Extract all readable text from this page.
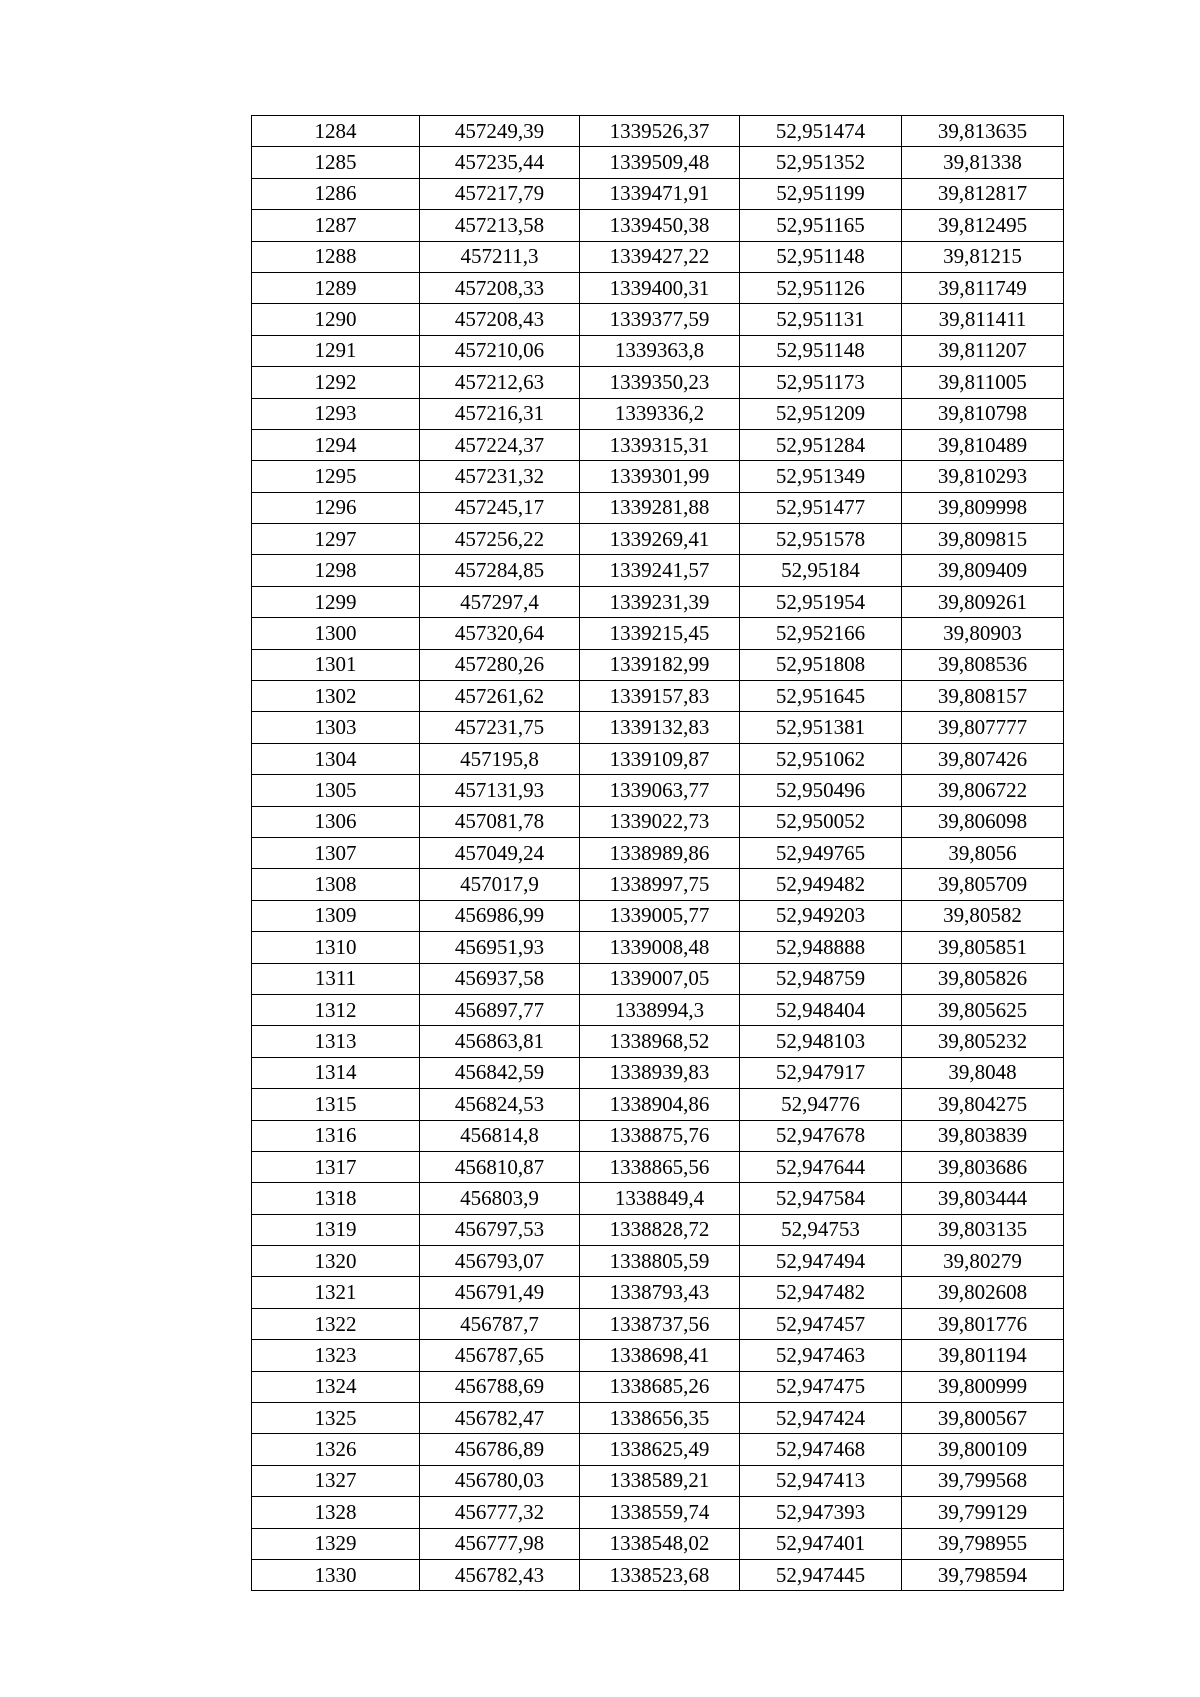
1284	457249,39	1339526,37	52,951474	39,813635
1285	457235,44	1339509,48	52,951352	39,81338
1286	457217,79	1339471,91	52,951199	39,812817
1287	457213,58	1339450,38	52,951165	39,812495
1288	457211,3	1339427,22	52,951148	39,81215
1289	457208,33	1339400,31	52,951126	39,811749
1290	457208,43	1339377,59	52,951131	39,811411
1291	457210,06	1339363,8	52,951148	39,811207
1292	457212,63	1339350,23	52,951173	39,811005
1293	457216,31	1339336,2	52,951209	39,810798
1294	457224,37	1339315,31	52,951284	39,810489
1295	457231,32	1339301,99	52,951349	39,810293
1296	457245,17	1339281,88	52,951477	39,809998
1297	457256,22	1339269,41	52,951578	39,809815
1298	457284,85	1339241,57	52,95184	39,809409
1299	457297,4	1339231,39	52,951954	39,809261
1300	457320,64	1339215,45	52,952166	39,80903
1301	457280,26	1339182,99	52,951808	39,808536
1302	457261,62	1339157,83	52,951645	39,808157
1303	457231,75	1339132,83	52,951381	39,807777
1304	457195,8	1339109,87	52,951062	39,807426
1305	457131,93	1339063,77	52,950496	39,806722
1306	457081,78	1339022,73	52,950052	39,806098
1307	457049,24	1338989,86	52,949765	39,8056
1308	457017,9	1338997,75	52,949482	39,805709
1309	456986,99	1339005,77	52,949203	39,80582
1310	456951,93	1339008,48	52,948888	39,805851
1311	456937,58	1339007,05	52,948759	39,805826
1312	456897,77	1338994,3	52,948404	39,805625
1313	456863,81	1338968,52	52,948103	39,805232
1314	456842,59	1338939,83	52,947917	39,8048
1315	456824,53	1338904,86	52,94776	39,804275
1316	456814,8	1338875,76	52,947678	39,803839
1317	456810,87	1338865,56	52,947644	39,803686
1318	456803,9	1338849,4	52,947584	39,803444
1319	456797,53	1338828,72	52,94753	39,803135
1320	456793,07	1338805,59	52,947494	39,80279
1321	456791,49	1338793,43	52,947482	39,802608
1322	456787,7	1338737,56	52,947457	39,801776
1323	456787,65	1338698,41	52,947463	39,801194
1324	456788,69	1338685,26	52,947475	39,800999
1325	456782,47	1338656,35	52,947424	39,800567
1326	456786,89	1338625,49	52,947468	39,800109
1327	456780,03	1338589,21	52,947413	39,799568
1328	456777,32	1338559,74	52,947393	39,799129
1329	456777,98	1338548,02	52,947401	39,798955
1330	456782,43	1338523,68	52,947445	39,798594
